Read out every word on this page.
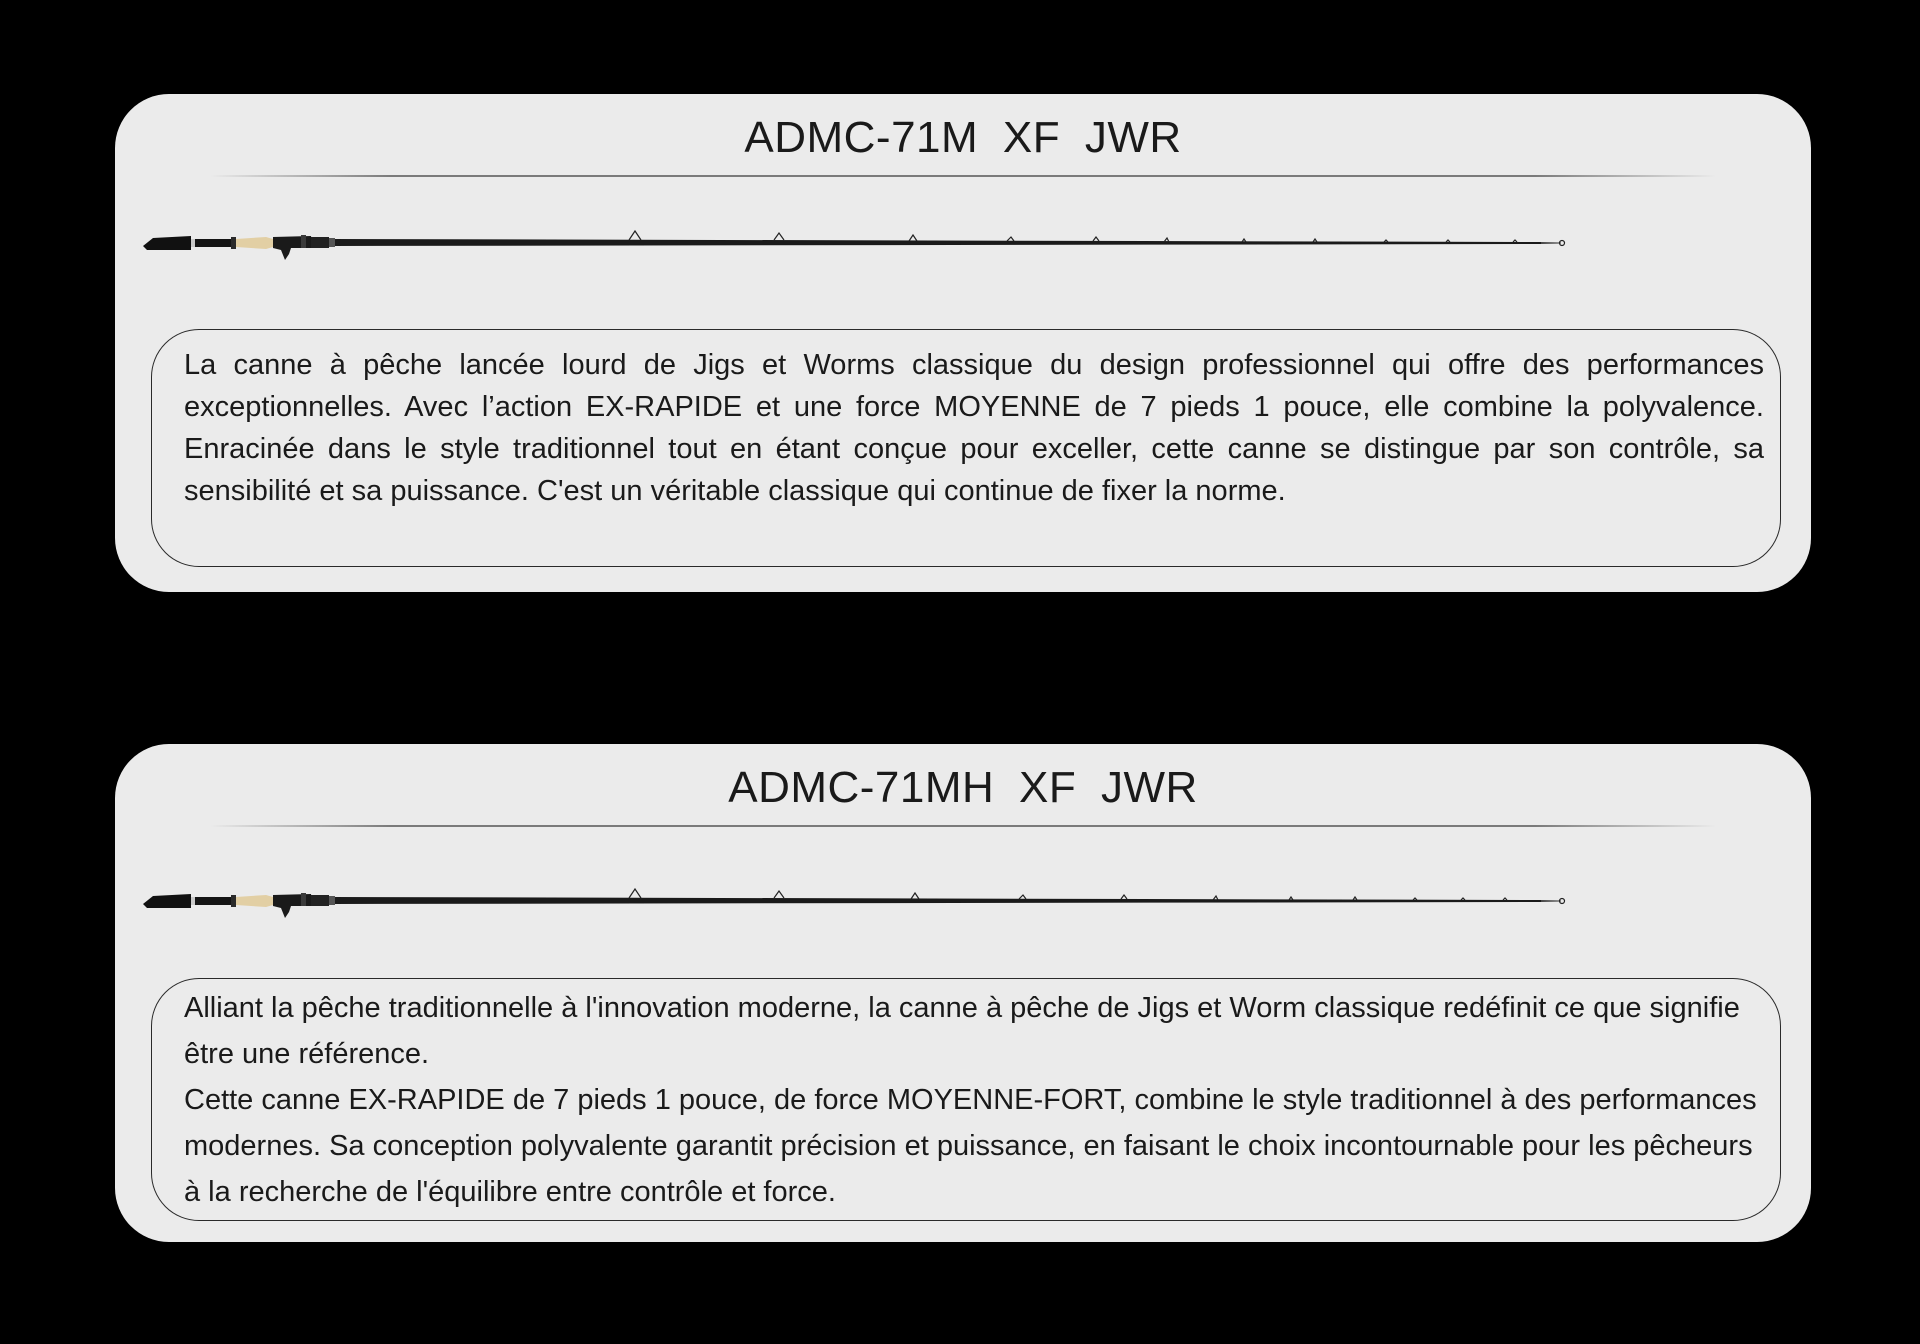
ADMC-71M XF JWR

La canne à pêche lancée lourd de Jigs et Worms classique du design professionnel qui offre des performances exceptionnelles. Avec l’action EX-RAPIDE et une force MOYENNE de 7 pieds 1 pouce, elle combine la polyvalence. Enracinée dans le style traditionnel tout en étant conçue pour exceller, cette canne se distingue par son contrôle, sa sensibilité et sa puissance. C'est un véritable classique qui continue de fixer la norme.

ADMC-71MH XF JWR

Alliant la pêche traditionnelle à l'innovation moderne, la canne à pêche de Jigs et Worm classique redéfinit ce que signifie être une référence.

Cette canne EX-RAPIDE de 7 pieds 1 pouce, de force MOYENNE-FORT, combine le style traditionnel à des performances modernes. Sa conception polyvalente garantit précision et puissance, en faisant le choix incontournable pour les pêcheurs à la recherche de l'équilibre entre contrôle et force.
